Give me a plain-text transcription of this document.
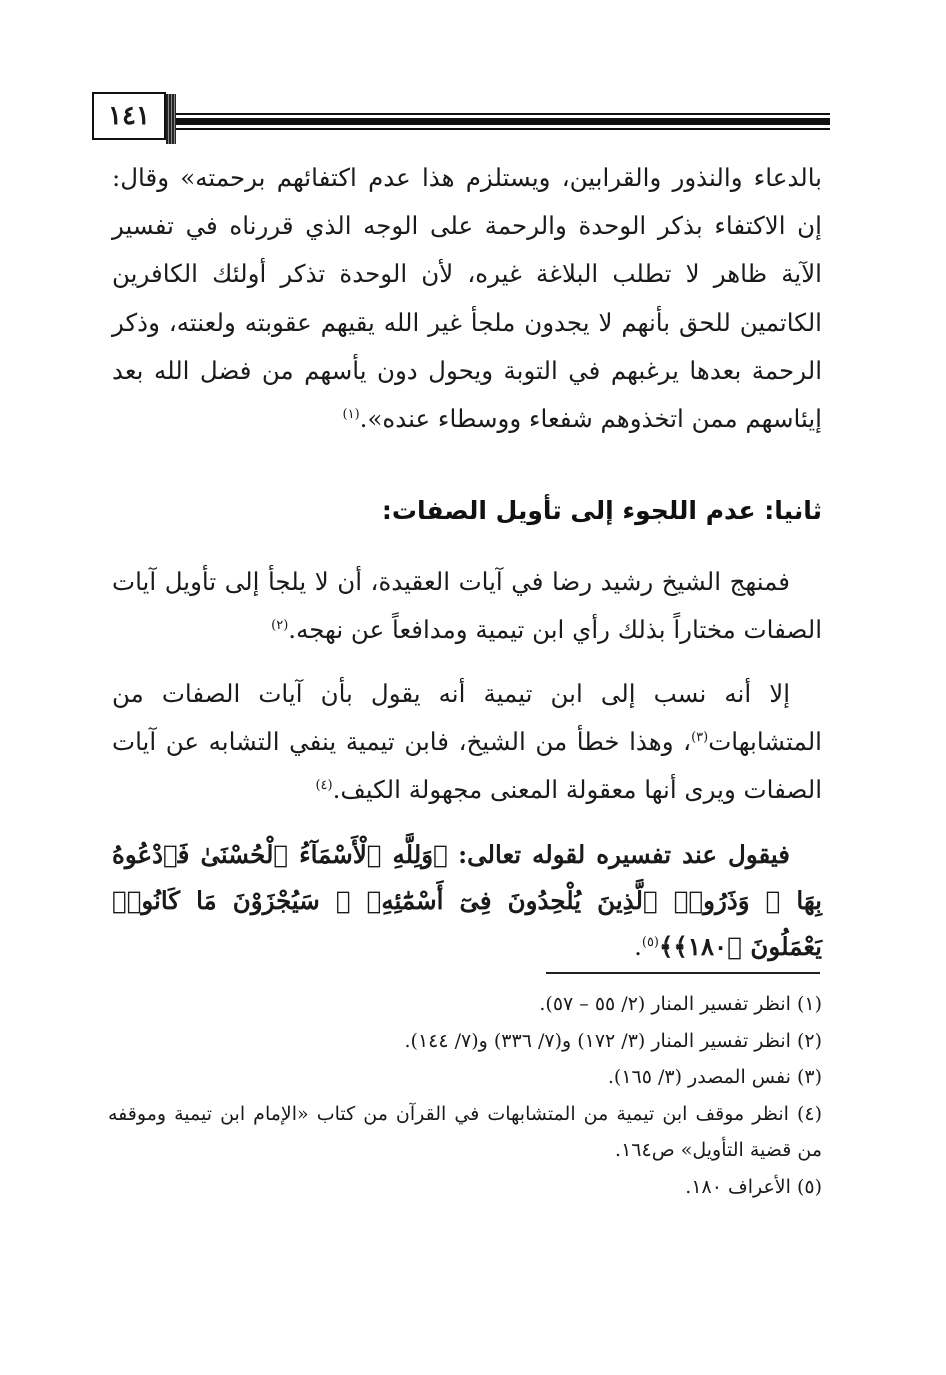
١٤١
بالدعاء والنذور والقرابين، ويستلزم هذا عدم اكتفائهم برحمته» وقال: إن الاكتفاء بذكر الوحدة والرحمة على الوجه الذي قررناه في تفسير الآية ظاهر لا تطلب البلاغة غيره، لأن الوحدة تذكر أولئك الكافرين الكاتمين للحق بأنهم لا يجدون ملجأ غير الله يقيهم عقوبته ولعنته، وذكر الرحمة بعدها يرغبهم في التوبة ويحول دون يأسهم من فضل الله بعد إيئاسهم ممن اتخذوهم شفعاء ووسطاء عنده».$^{(١)}$
ثانيا: عدم اللجوء إلى تأويل الصفات:
فمنهج الشيخ رشيد رضا في آيات العقيدة، أن لا يلجأ إلى تأويل آيات الصفات مختاراً بذلك رأي ابن تيمية ومدافعاً عن نهجه.$^{(٢)}$
إلا أنه نسب إلى ابن تيمية أنه يقول بأن آيات الصفات من المتشابهات$^{(٣)}$، وهذا خطأ من الشيخ، فابن تيمية ينفي التشابه عن آيات الصفات ويرى أنها معقولة المعنى مجهولة الكيف.$^{(٤)}$
فيقول عند تفسيره لقوله تعالى: ﴿وَلِلَّهِ ٱلْأَسْمَآءُ ٱلْحُسْنَىٰ فَٱدْعُوهُ بِهَا ۖ وَذَرُوا۟ ٱلَّذِينَ يُلْحِدُونَ فِىٓ أَسْمَٰٓئِهِۦ ۚ سَيُجْزَوْنَ مَا كَانُوا۟ يَعْمَلُونَ ﴿١٨٠﴾﴾$^{(٥)}$.

(١) انظر تفسير المنار (٢/ ٥٥ – ٥٧).

(٢) انظر تفسير المنار (٣/ ١٧٢) و(٧/ ٣٣٦) و(٧/ ١٤٤).

(٣) نفس المصدر (٣/ ١٦٥).

(٤) انظر موقف ابن تيمية من المتشابهات في القرآن من كتاب «الإمام ابن تيمية وموقفه من قضية التأويل» ص١٦٤.

(٥) الأعراف ١٨٠.
